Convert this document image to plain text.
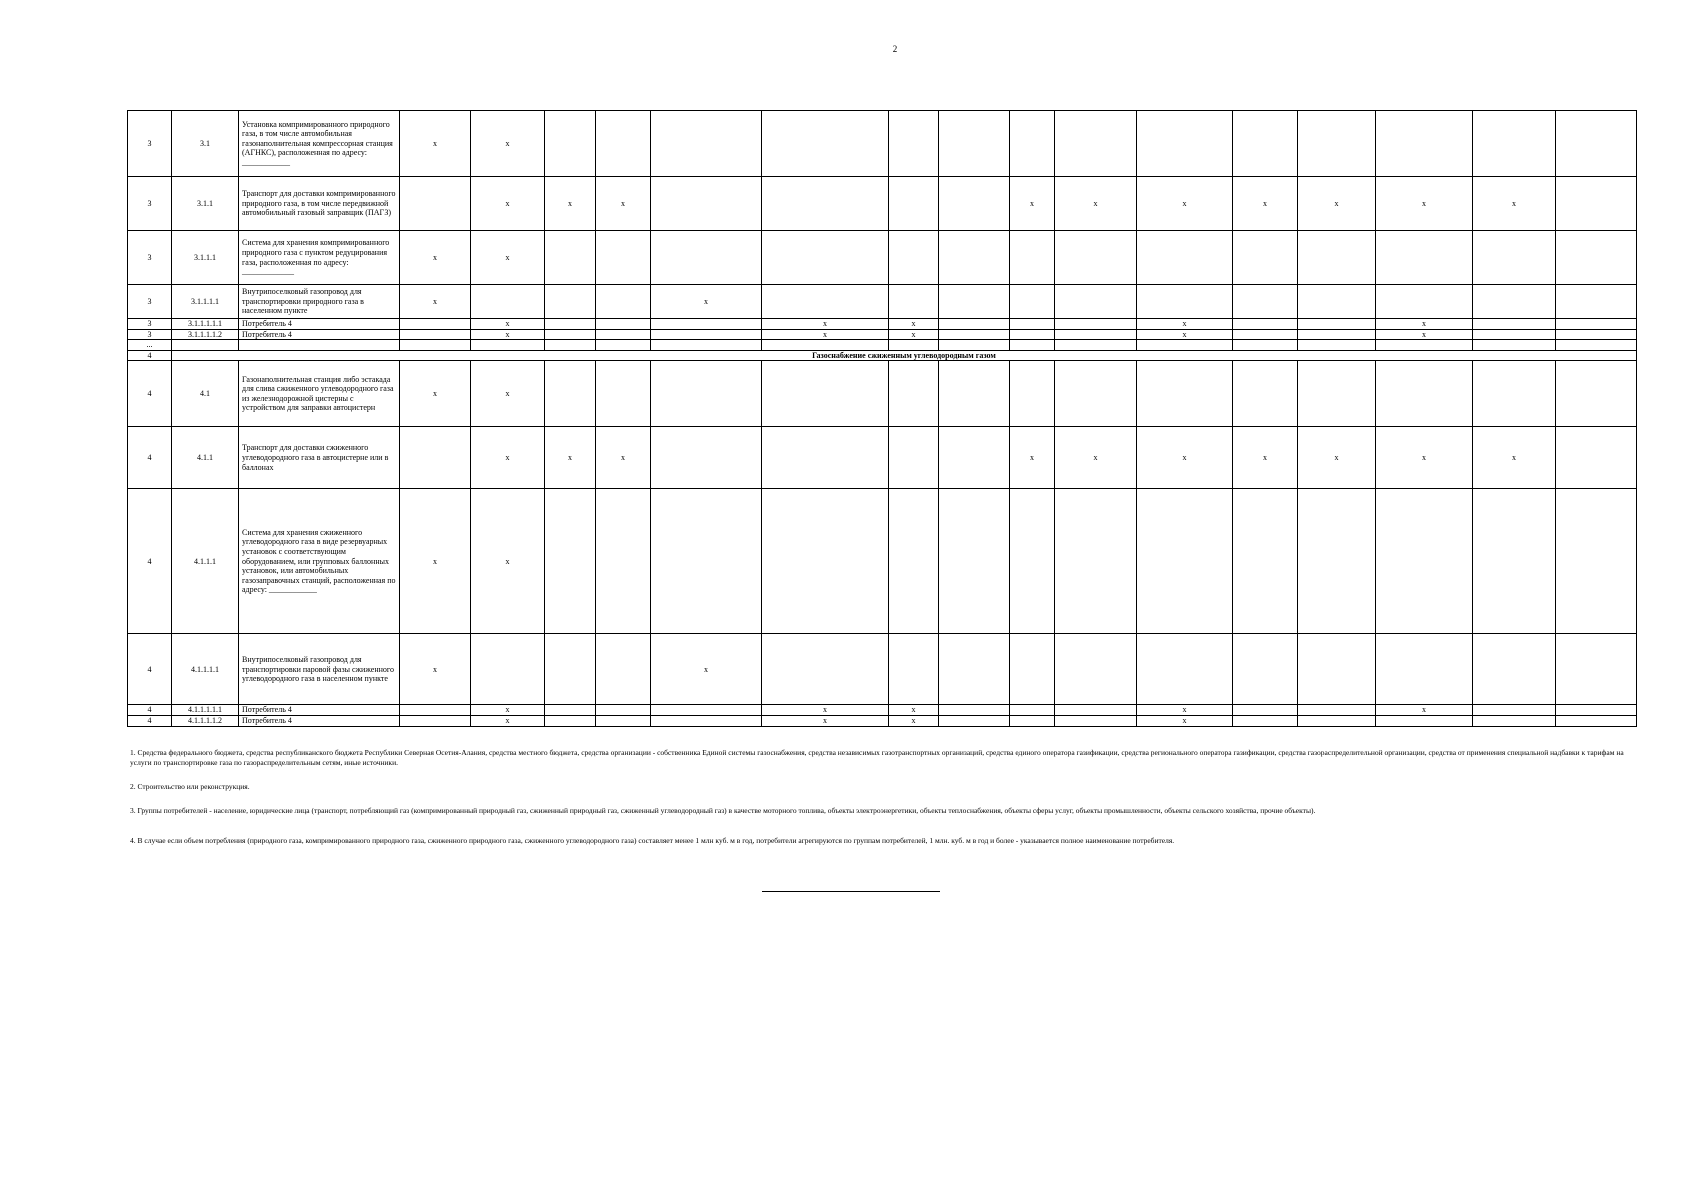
2
3	3.1	Установка компримированного природного газа, в том числе автомобильная газонаполнительная компрессорная станция (АГНКС), расположенная по адресу: ____________	x	x															
3	3.1.1	Транспорт для доставки компримированного природного газа, в том числе передвижной автомобильный газовый заправщик (ПАГЗ)		x	x	x					x	x	x	x	x	x	x		
3	3.1.1.1	Система для хранения компримированного природного газа с пунктом редуцирования газа, расположенная по адресу: _____________	x	x															
3	3.1.1.1.1	Внутрипоселковый газопровод для транспортировки природного газа в населенном пункте	x				x												
3	3.1.1.1.1.1	Потребитель 4		x				x	x				x			x			
3	3.1.1.1.1.2	Потребитель 4		x				x	x				x			x			
...																			
4	Газоснабжение сжиженным углеводородным газом																		
4	4.1	Газонаполнительная станция либо эстакада для слива сжиженного углеводородного газа из железнодорожной цистерны с устройством для заправки автоцистерн	x	x															
4	4.1.1	Транспорт для доставки сжиженного углеводородного газа в автоцистерне или в баллонах		x	x	x					x	x	x	x	x	x	x		
4	4.1.1.1	Система для хранения сжиженного углеводородного газа в виде резервуарных установок с соответствующим оборудованием, или групповых баллонных установок, или автомобильных газозаправочных станций, расположенная по адресу: ____________	x	x															
4	4.1.1.1.1	Внутрипоселковый газопровод для транспортировки паровой фазы сжиженного углеводородного газа в населенном пункте	x				x												
4	4.1.1.1.1.1	Потребитель 4		x				x	x				x			x			
4	4.1.1.1.1.2	Потребитель 4		x				x	x				x						

1. Средства федерального бюджета, средства республиканского бюджета Республики Северная Осетия-Алания, средства местного бюджета, средства организации - собственника Единой системы газоснабжения, средства независимых газотранспортных организаций, средства единого оператора газификации, средства регионального оператора газификации, средства газораспределительной организации, средства от применения специальной надбавки к тарифам на услуги по транспортировке газа по газораспределительным сетям, иные источники.

2. Строительство или реконструкция.

3. Группы потребителей - население, юридические лица (транспорт, потребляющий газ (компримированный природный газ, сжиженный природный газ, сжиженный углеводородный газ) в качестве моторного топлива, объекты электроэнергетики, объекты теплоснабжения, объекты сферы услуг, объекты промышленности, объекты сельского хозяйства, прочие объекты).

4. В случае если объем потребления (природного газа, компримированного природного газа, сжиженного природного газа, сжиженного углеводородного газа) составляет менее 1 млн куб. м в год, потребители агрегируются по группам потребителей, 1 млн. куб. м в год и более - указывается полное наименование потребителя.
